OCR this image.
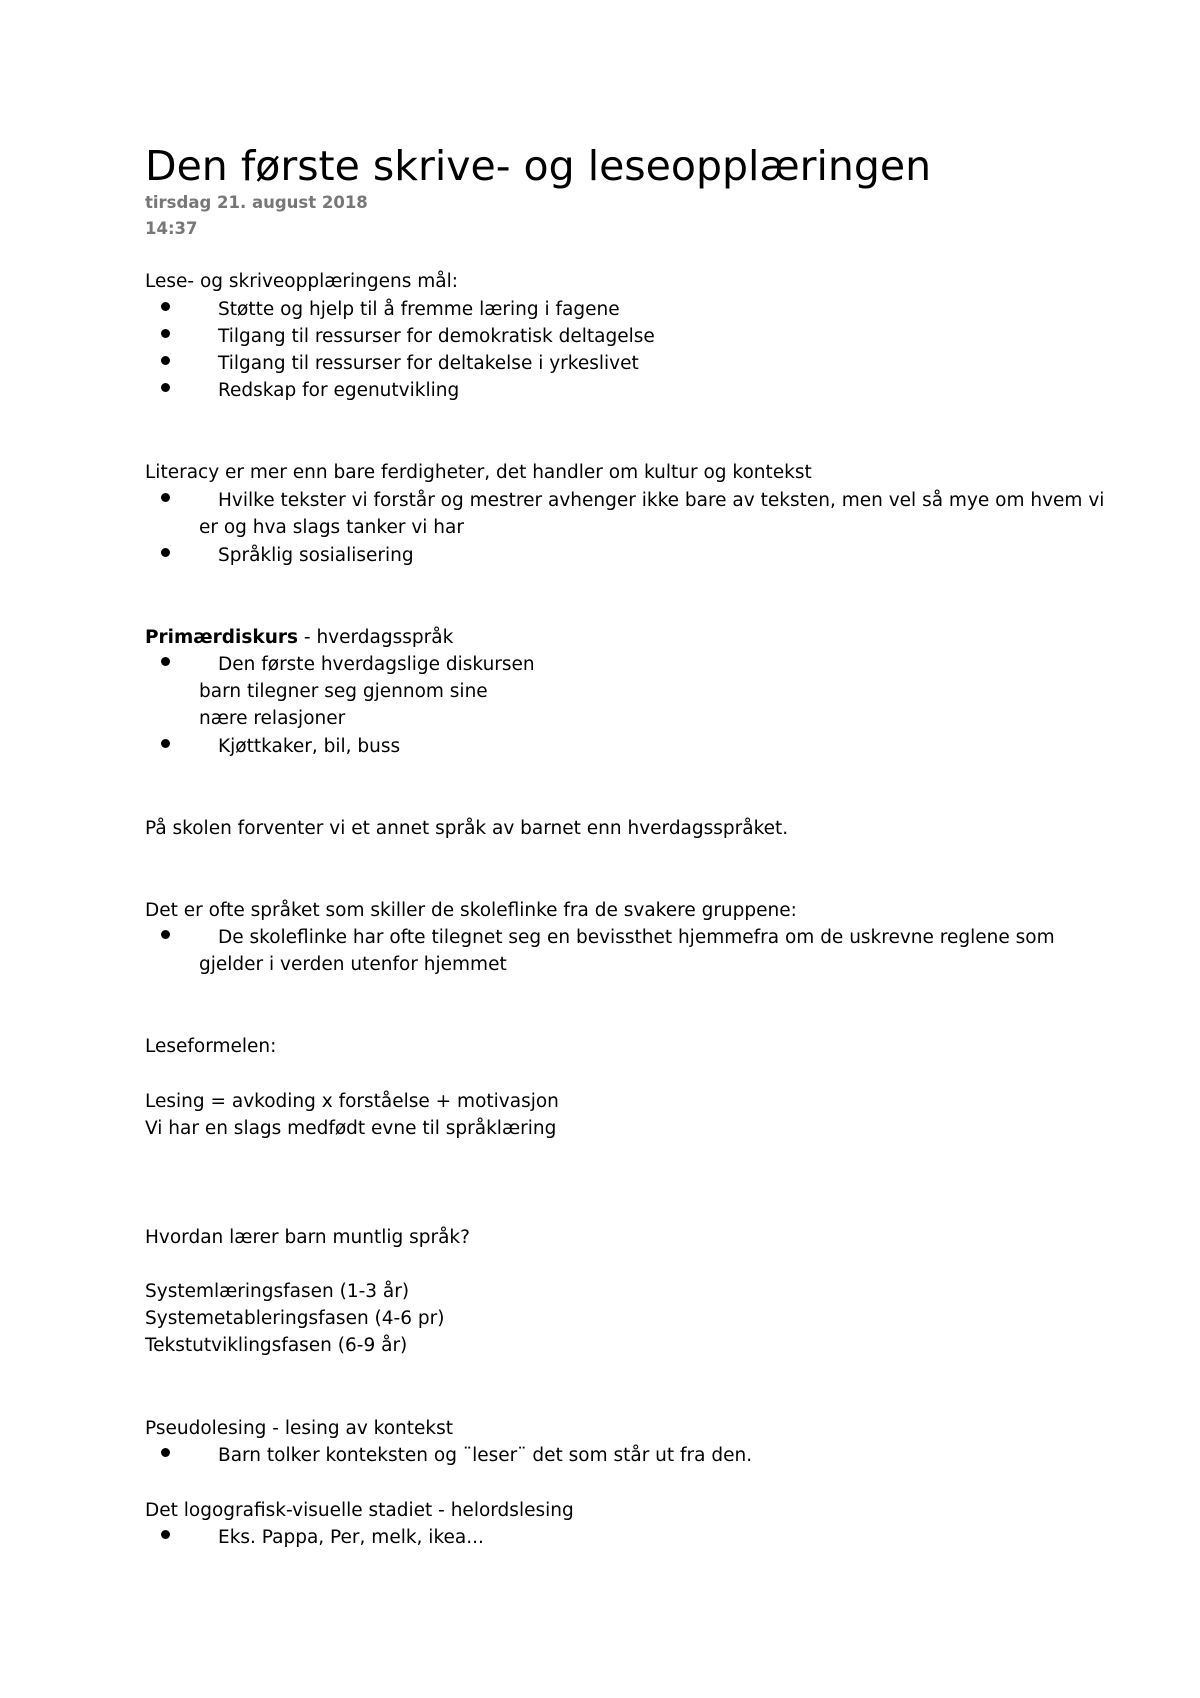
Den første skrive- og leseopplæringen
tirsdag 21. august 2018
14:37
Lese- og skriveopplæringens mål:
Støtte og hjelp til å fremme læring i fagene
Tilgang til ressurser for demokratisk deltagelse
Tilgang til ressurser for deltakelse i yrkeslivet
Redskap for egenutvikling
Literacy er mer enn bare ferdigheter, det handler om kultur og kontekst
Hvilke tekster vi forstår og mestrer avhenger ikke bare av teksten, men vel så mye om hvem vi
er og hva slags tanker vi har
Språklig sosialisering
Primærdiskurs - hverdagsspråk
Den første hverdagslige diskursen
barn tilegner seg gjennom sine
nære relasjoner
Kjøttkaker, bil, buss
På skolen forventer vi et annet språk av barnet enn hverdagsspråket.
Det er ofte språket som skiller de skoleflinke fra de svakere gruppene:
De skoleflinke har ofte tilegnet seg en bevissthet hjemmefra om de uskrevne reglene som
gjelder i verden utenfor hjemmet
Leseformelen:
Lesing = avkoding x forståelse + motivasjon
Vi har en slags medfødt evne til språklæring
Hvordan lærer barn muntlig språk?
Systemlæringsfasen (1-3 år)
Systemetableringsfasen (4-6 pr)
Tekstutviklingsfasen (6-9 år)
Pseudolesing - lesing av kontekst
Barn tolker konteksten og ¨leser¨ det som står ut fra den.
Det logografisk-visuelle stadiet - helordslesing
Eks. Pappa, Per, melk, ikea...
